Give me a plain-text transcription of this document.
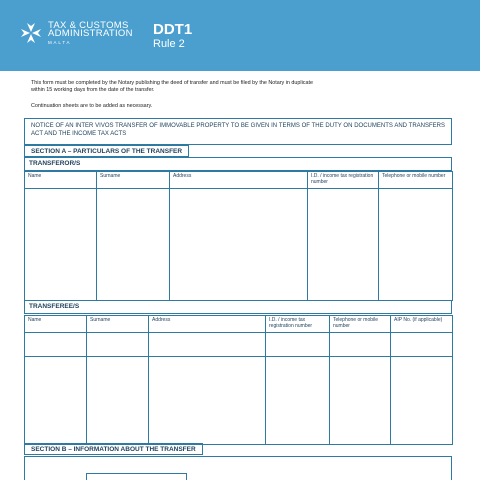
TAX & CUSTOMS
ADMINISTRATION
MALTA
DDT1
Rule 2
This form must be completed by the Notary publishing the deed of transfer and must be filed by the Notary in duplicate
within 15 working days from the date of the transfer.
Continuation sheets are to be added as necessary.
NOTICE OF AN INTER VIVOS TRANSFER OF IMMOVABLE PROPERTY TO BE GIVEN IN TERMS OF THE DUTY ON DOCUMENTS AND TRANSFERS ACT AND THE INCOME TAX ACTS
SECTION A – PARTICULARS OF THE TRANSFER
TRANSFEROR/S
Name	Surname	Address	I.D. / income tax registration number	Telephone or mobile number

TRANSFEREE/S
Name	Surname	Address	I.D. / income tax registration number	Telephone or mobile number	AIP No. (if applicable)

SECTION B – INFORMATION ABOUT THE TRANSFER
